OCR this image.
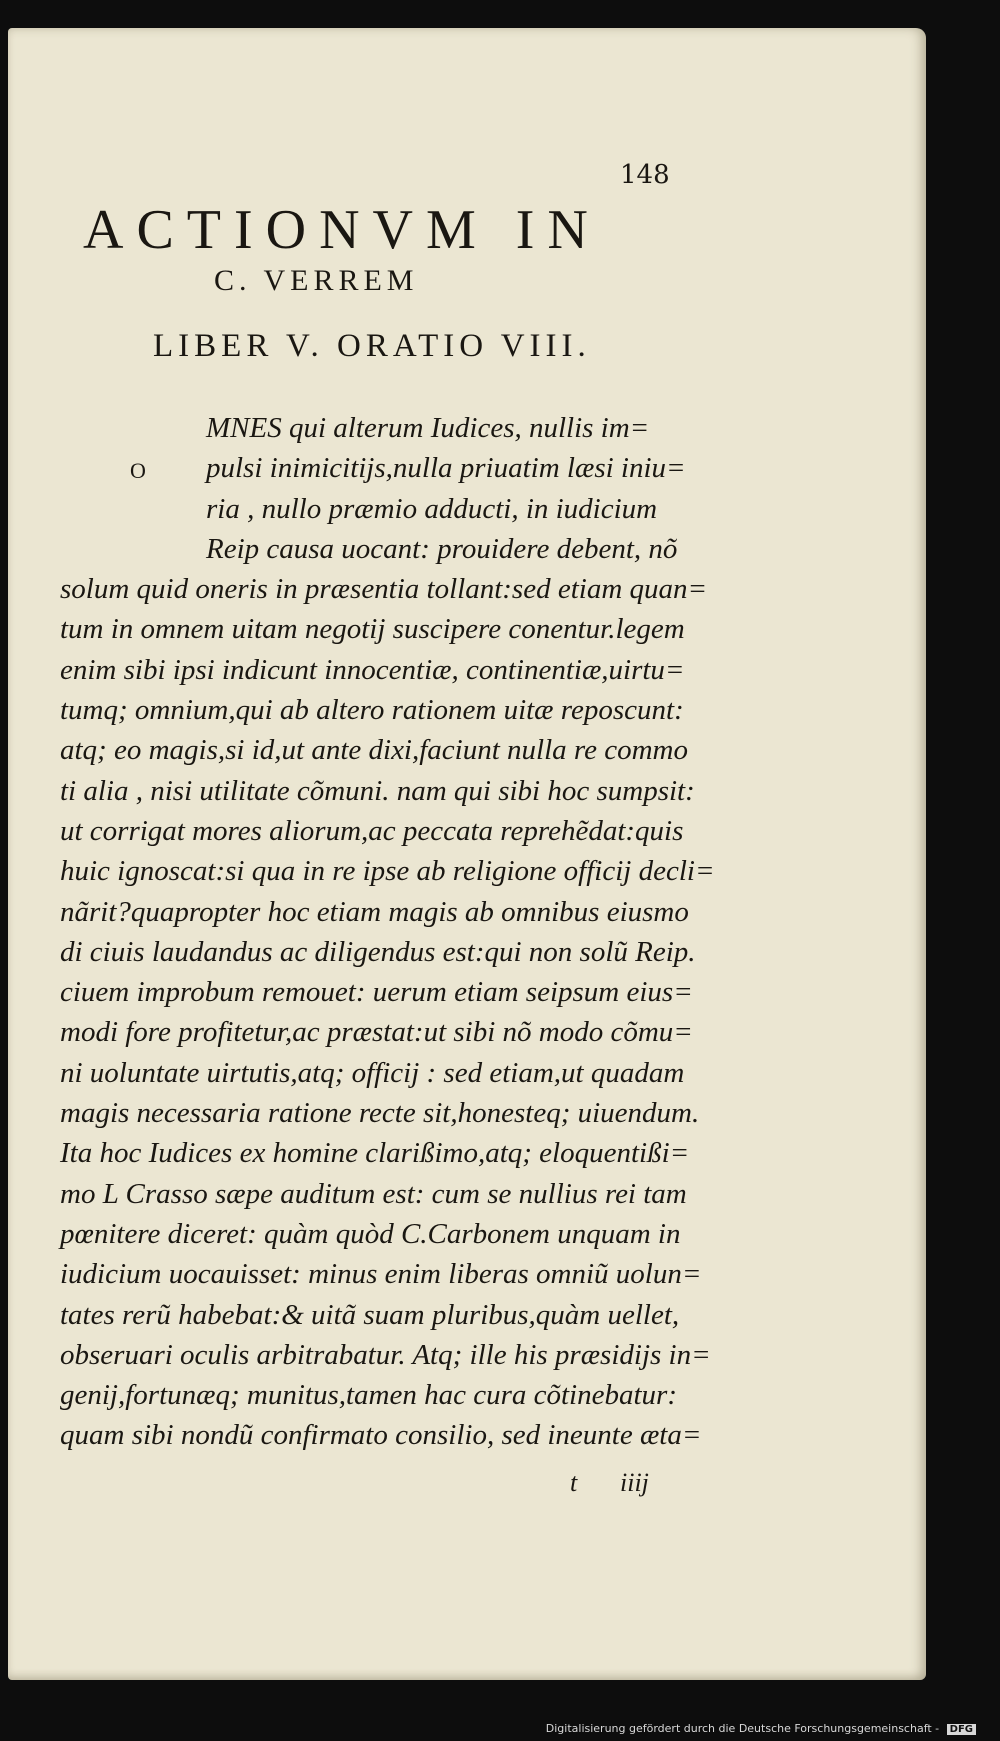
148
ACTIONVM IN
C. VERREM
LIBER V. ORATIO VIII.
O
MNES qui alterum Iudices, nullis im=
pulsi inimicitijs,nulla priuatim læsi iniu=
ria , nullo præmio adducti, in iudicium
Reip causa uocant: prouidere debent, nõ
solum quid oneris in præsentia tollant:sed etiam quan=
tum in omnem uitam negotij suscipere conentur.legem
enim sibi ipsi indicunt innocentiæ, continentiæ,uirtu=
tumq; omnium,qui ab altero rationem uitæ reposcunt:
atq; eo magis,si id,ut ante dixi,faciunt nulla re commo
ti alia , nisi utilitate cõmuni. nam qui sibi hoc sumpsit:
ut corrigat mores aliorum,ac peccata reprehẽdat:quis
huic ignoscat:si qua in re ipse ab religione officij decli=
nãrit?quapropter hoc etiam magis ab omnibus eiusmo
di ciuis laudandus ac diligendus est:qui non solũ Reip.
ciuem improbum remouet: uerum etiam seipsum eius=
modi fore profitetur,ac præstat:ut sibi nõ modo cõmu=
ni uoluntate uirtutis,atq; officij : sed etiam,ut quadam
magis necessaria ratione recte sit,honesteq; uiuendum.
Ita hoc Iudices ex homine clarißimo,atq; eloquentißi=
mo L Crasso sæpe auditum est: cum se nullius rei tam
pœnitere diceret: quàm quòd C.Carbonem unquam in
iudicium uocauisset: minus enim liberas omniũ uolun=
tates rerũ habebat:& uitã suam pluribus,quàm uellet,
obseruari oculis arbitrabatur. Atq; ille his præsidijs in=
genij,fortunæq; munitus,tamen hac cura cõtinebatur:
quam sibi nondũ confirmato consilio, sed ineunte æta=
t iiij
Digitalisierung gefördert durch die Deutsche Forschungsgemeinschaft - DFG
